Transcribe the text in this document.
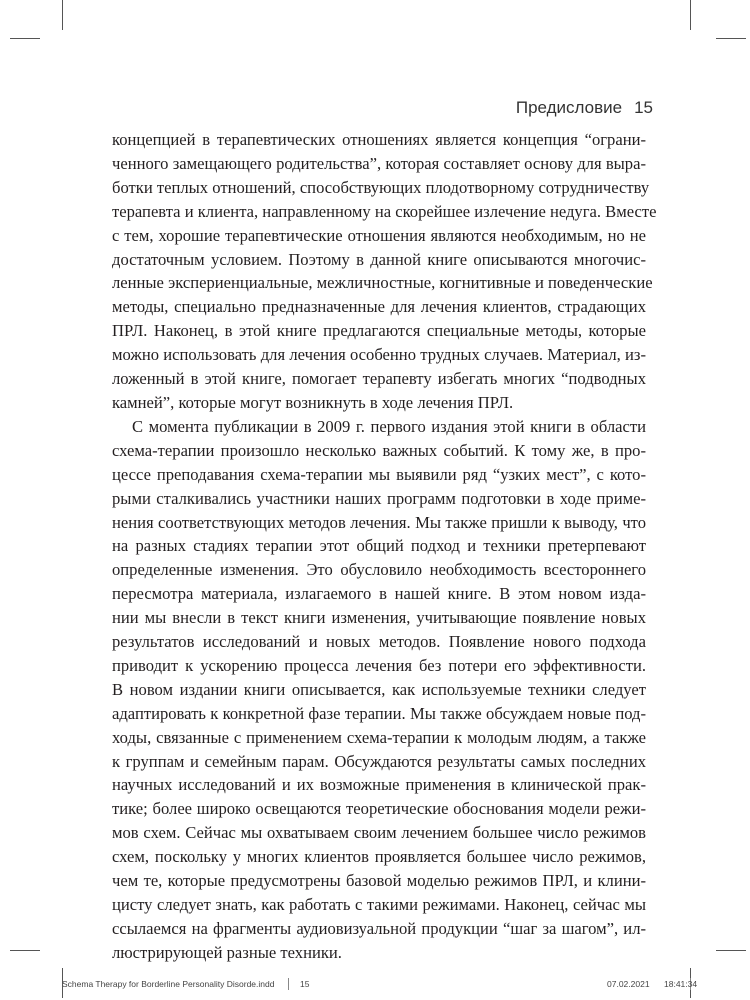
Предисловие 15
концепцией в терапевтических отношениях является концепция “ограни-
ченного замещающего родительства”, которая составляет основу для выра-
ботки теплых отношений, способствующих плодотворному сотрудничеству
терапевта и клиента, направленному на скорейшее излечение недуга. Вместе
с тем, хорошие терапевтические отношения являются необходимым, но не
достаточным условием. Поэтому в данной книге описываются многочис-
ленные экспериенциальные, межличностные, когнитивные и поведенческие
методы, специально предназначенные для лечения клиентов, страдающих
ПРЛ. Наконец, в этой книге предлагаются специальные методы, которые
можно использовать для лечения особенно трудных случаев. Материал, из-
ложенный в этой книге, помогает терапевту избегать многих “подводных
камней”, которые могут возникнуть в ходе лечения ПРЛ.
С момента публикации в 2009 г. первого издания этой книги в области
схема-терапии произошло несколько важных событий. К тому же, в про-
цессе преподавания схема-терапии мы выявили ряд “узких мест”, с кото-
рыми сталкивались участники наших программ подготовки в ходе приме-
нения соответствующих методов лечения. Мы также пришли к выводу, что
на разных стадиях терапии этот общий подход и техники претерпевают
определенные изменения. Это обусловило необходимость всестороннего
пересмотра материала, излагаемого в нашей книге. В этом новом изда-
нии мы внесли в текст книги изменения, учитывающие появление новых
результатов исследований и новых методов. Появление нового подхода
приводит к ускорению процесса лечения без потери его эффективности.
В новом издании книги описывается, как используемые техники следует
адаптировать к конкретной фазе терапии. Мы также обсуждаем новые под-
ходы, связанные с применением схема-терапии к молодым людям, а также
к группам и семейным парам. Обсуждаются результаты самых последних
научных исследований и их возможные применения в клинической прак-
тике; более широко освещаются теоретические обоснования модели режи-
мов схем. Сейчас мы охватываем своим лечением большее число режимов
схем, поскольку у многих клиентов проявляется большее число режимов,
чем те, которые предусмотрены базовой моделью режимов ПРЛ, и клини-
цисту следует знать, как работать с такими режимами. Наконец, сейчас мы
ссылаемся на фрагменты аудиовизуальной продукции “шаг за шагом”, ил-
люстрирующей разные техники.
Schema Therapy for Borderline Personality Disorde.indd	15	07.02.2021 18:41:34
